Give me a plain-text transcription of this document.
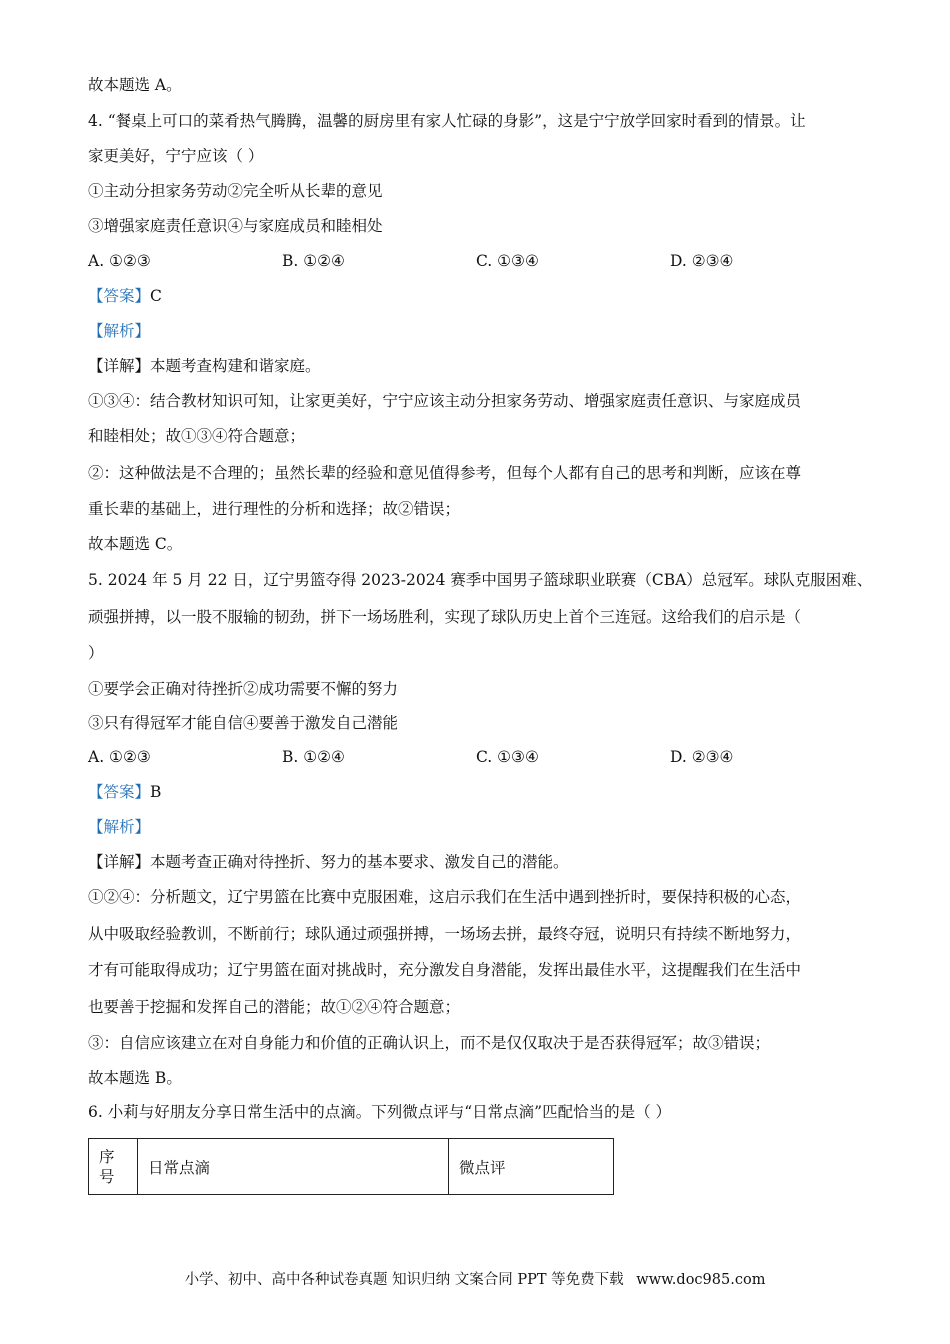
故本题选 A。
4. “餐桌上可口的菜肴热气腾腾，温馨的厨房里有家人忙碌的身影”，这是宁宁放学回家时看到的情景。让
家更美好，宁宁应该（ ）
①主动分担家务劳动②完全听从长辈的意见
③增强家庭责任意识④与家庭成员和睦相处
A. ①②③	B. ①②④	C. ①③④	D. ②③④
【答案】C
【解析】
【详解】本题考查构建和谐家庭。
①③④：结合教材知识可知，让家更美好，宁宁应该主动分担家务劳动、增强家庭责任意识、与家庭成员
和睦相处；故①③④符合题意；
②：这种做法是不合理的；虽然长辈的经验和意见值得参考，但每个人都有自己的思考和判断，应该在尊
重长辈的基础上，进行理性的分析和选择；故②错误；
故本题选 C。
5. 2024 年 5 月 22 日，辽宁男篮夺得 2023-2024 赛季中国男子篮球职业联赛（CBA）总冠军。球队克服困难、
顽强拼搏，以一股不服输的韧劲，拼下一场场胜利，实现了球队历史上首个三连冠。这给我们的启示是（
）
①要学会正确对待挫折②成功需要不懈的努力
③只有得冠军才能自信④要善于激发自己潜能
A. ①②③	B. ①②④	C. ①③④	D. ②③④
【答案】B
【解析】
【详解】本题考查正确对待挫折、努力的基本要求、激发自己的潜能。
①②④：分析题文，辽宁男篮在比赛中克服困难，这启示我们在生活中遇到挫折时，要保持积极的心态，
从中吸取经验教训，不断前行；球队通过顽强拼搏，一场场去拼，最终夺冠，说明只有持续不断地努力，
才有可能取得成功；辽宁男篮在面对挑战时，充分激发自身潜能，发挥出最佳水平，这提醒我们在生活中
也要善于挖掘和发挥自己的潜能；故①②④符合题意；
③：自信应该建立在对自身能力和价值的正确认识上，而不是仅仅取决于是否获得冠军；故③错误；
故本题选 B。
6. 小莉与好朋友分享日常生活中的点滴。下列微点评与“日常点滴”匹配恰当的是（ ）
序
号	日常点滴	微点评
小学、初中、高中各种试卷真题 知识归纳 文案合同 PPT 等免费下载 www.doc985.com
